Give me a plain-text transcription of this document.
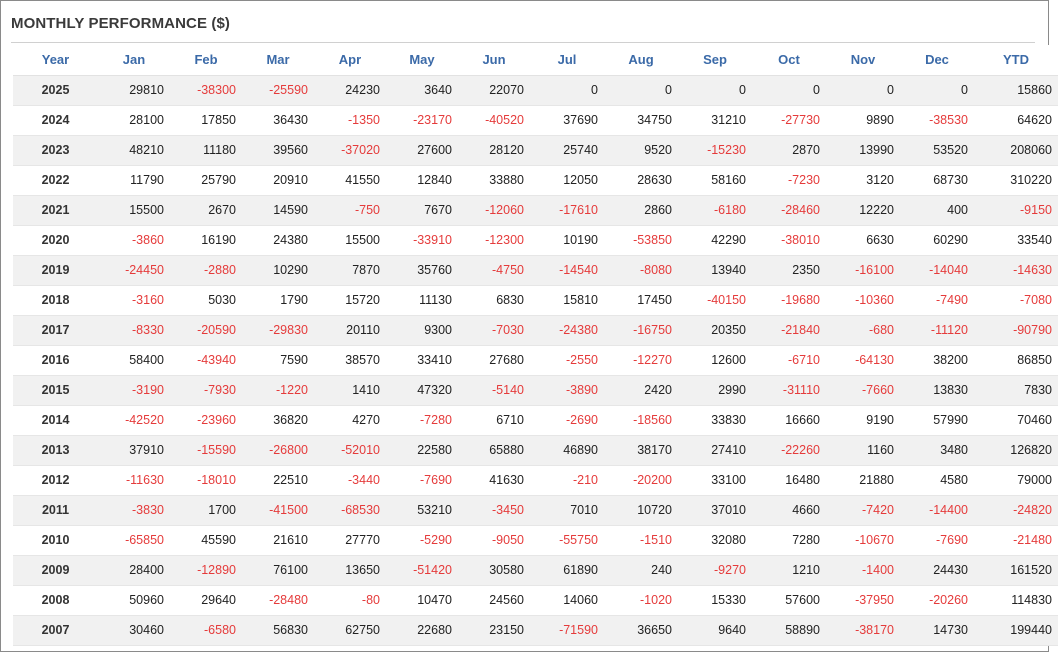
MONTHLY PERFORMANCE ($)
Year	Jan	Feb	Mar	Apr	May	Jun	Jul	Aug	Sep	Oct	Nov	Dec	YTD
2025	29810	-38300	-25590	24230	3640	22070	0	0	0	0	0	0	15860
2024	28100	17850	36430	-1350	-23170	-40520	37690	34750	31210	-27730	9890	-38530	64620
2023	48210	11180	39560	-37020	27600	28120	25740	9520	-15230	2870	13990	53520	208060
2022	11790	25790	20910	41550	12840	33880	12050	28630	58160	-7230	3120	68730	310220
2021	15500	2670	14590	-750	7670	-12060	-17610	2860	-6180	-28460	12220	400	-9150
2020	-3860	16190	24380	15500	-33910	-12300	10190	-53850	42290	-38010	6630	60290	33540
2019	-24450	-2880	10290	7870	35760	-4750	-14540	-8080	13940	2350	-16100	-14040	-14630
2018	-3160	5030	1790	15720	11130	6830	15810	17450	-40150	-19680	-10360	-7490	-7080
2017	-8330	-20590	-29830	20110	9300	-7030	-24380	-16750	20350	-21840	-680	-11120	-90790
2016	58400	-43940	7590	38570	33410	27680	-2550	-12270	12600	-6710	-64130	38200	86850
2015	-3190	-7930	-1220	1410	47320	-5140	-3890	2420	2990	-31110	-7660	13830	7830
2014	-42520	-23960	36820	4270	-7280	6710	-2690	-18560	33830	16660	9190	57990	70460
2013	37910	-15590	-26800	-52010	22580	65880	46890	38170	27410	-22260	1160	3480	126820
2012	-11630	-18010	22510	-3440	-7690	41630	-210	-20200	33100	16480	21880	4580	79000
2011	-3830	1700	-41500	-68530	53210	-3450	7010	10720	37010	4660	-7420	-14400	-24820
2010	-65850	45590	21610	27770	-5290	-9050	-55750	-1510	32080	7280	-10670	-7690	-21480
2009	28400	-12890	76100	13650	-51420	30580	61890	240	-9270	1210	-1400	24430	161520
2008	50960	29640	-28480	-80	10470	24560	14060	-1020	15330	57600	-37950	-20260	114830
2007	30460	-6580	56830	62750	22680	23150	-71590	36650	9640	58890	-38170	14730	199440
